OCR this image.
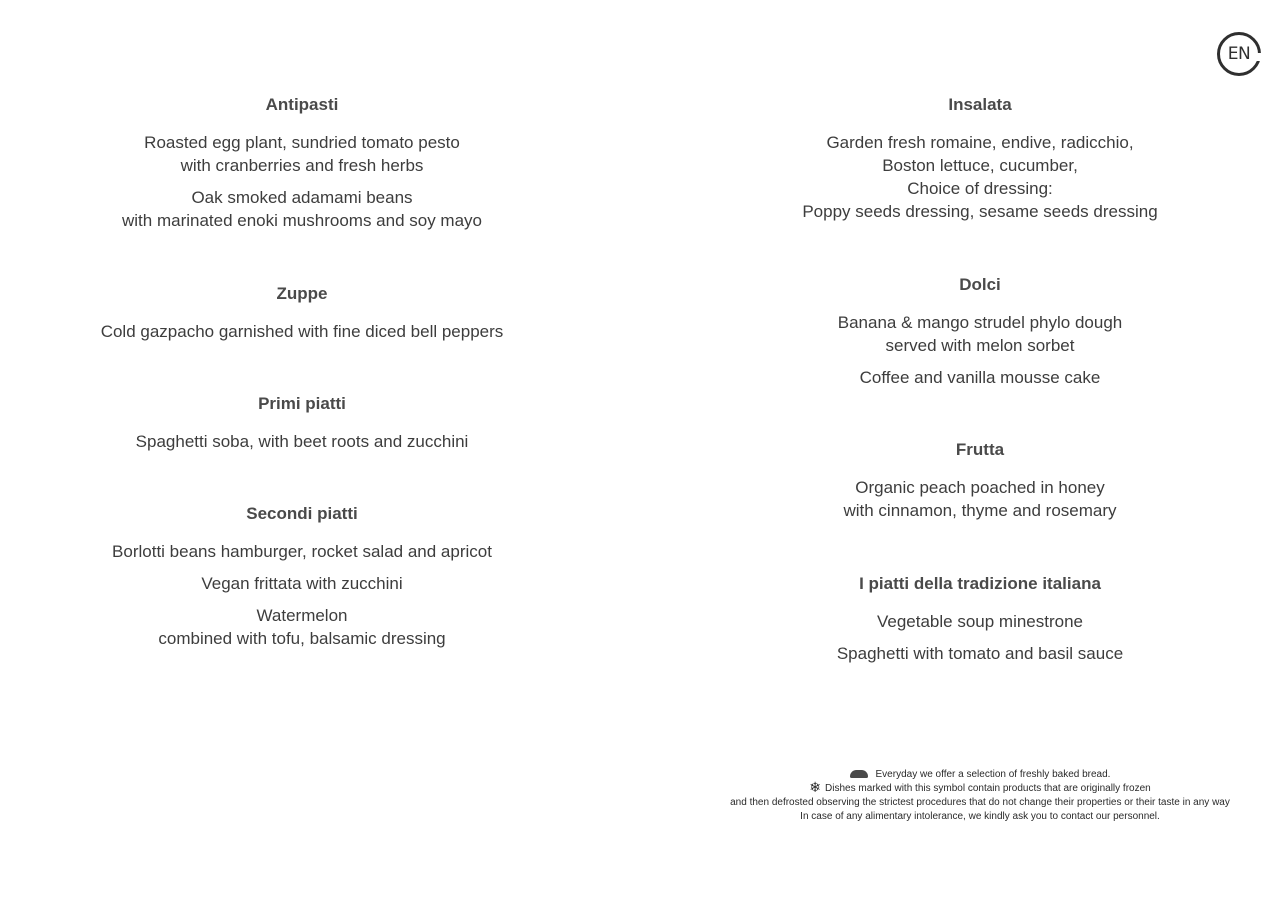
EN
Antipasti
Roasted egg plant, sundried tomato pesto
with cranberries and fresh herbs
Oak smoked adamami beans
with marinated enoki mushrooms and soy mayo
Zuppe
Cold gazpacho garnished with fine diced bell peppers
Primi piatti
Spaghetti soba, with beet roots and zucchini
Secondi piatti
Borlotti beans hamburger, rocket salad and apricot
Vegan frittata with zucchini
Watermelon
combined with tofu, balsamic dressing
Insalata
Garden fresh romaine, endive, radicchio,
Boston lettuce, cucumber,
Choice of dressing:
Poppy seeds dressing, sesame seeds dressing
Dolci
Banana & mango strudel phylo dough
served with melon sorbet
Coffee and vanilla mousse cake
Frutta
Organic peach poached in honey
with cinnamon, thyme and rosemary
I piatti della tradizione italiana
Vegetable soup minestrone
Spaghetti with tomato and basil sauce
Everyday we offer a selection of freshly baked bread.
❄ Dishes marked with this symbol contain products that are originally frozen
and then defrosted observing the strictest procedures that do not change their properties or their taste in any way
In case of any alimentary intolerance, we kindly ask you to contact our personnel.
